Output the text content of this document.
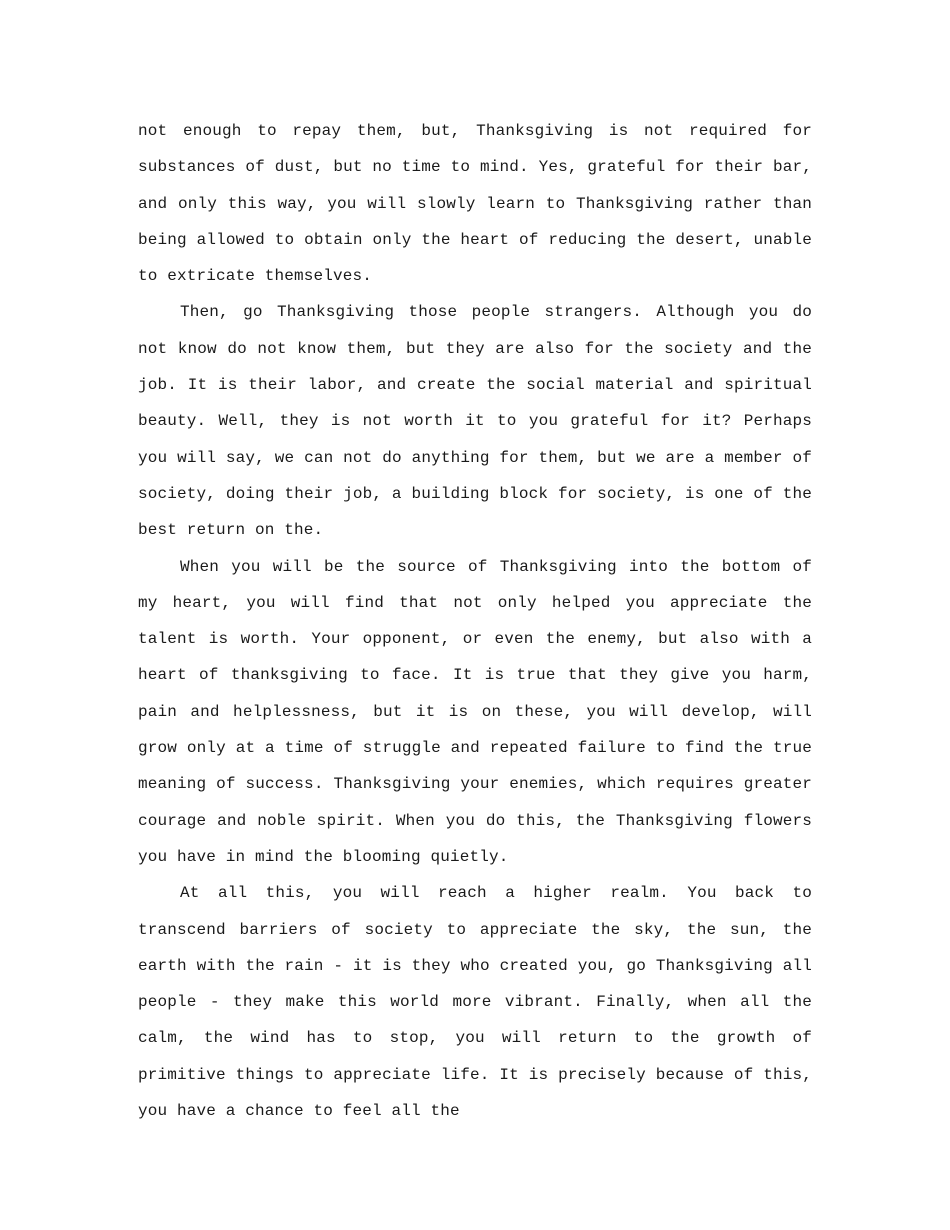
not enough to repay them, but, Thanksgiving is not required for substances of dust, but no time to mind. Yes, grateful for their bar, and only this way, you will slowly learn to Thanksgiving rather than being allowed to obtain only the heart of reducing the desert, unable to extricate themselves.

Then, go Thanksgiving those people strangers. Although you do not know do not know them, but they are also for the society and the job. It is their labor, and create the social material and spiritual beauty. Well, they is not worth it to you grateful for it? Perhaps you will say, we can not do anything for them, but we are a member of society, doing their job, a building block for society, is one of the best return on the.

When you will be the source of Thanksgiving into the bottom of my heart, you will find that not only helped you appreciate the talent is worth. Your opponent, or even the enemy, but also with a heart of thanksgiving to face. It is true that they give you harm, pain and helplessness, but it is on these, you will develop, will grow only at a time of struggle and repeated failure to find the true meaning of success. Thanksgiving your enemies, which requires greater courage and noble spirit. When you do this, the Thanksgiving flowers you have in mind the blooming quietly.

At all this, you will reach a higher realm. You back to transcend barriers of society to appreciate the sky, the sun, the earth with the rain - it is they who created you, go Thanksgiving all people - they make this world more vibrant. Finally, when all the calm, the wind has to stop, you will return to the growth of primitive things to appreciate life. It is precisely because of this, you have a chance to feel all the
